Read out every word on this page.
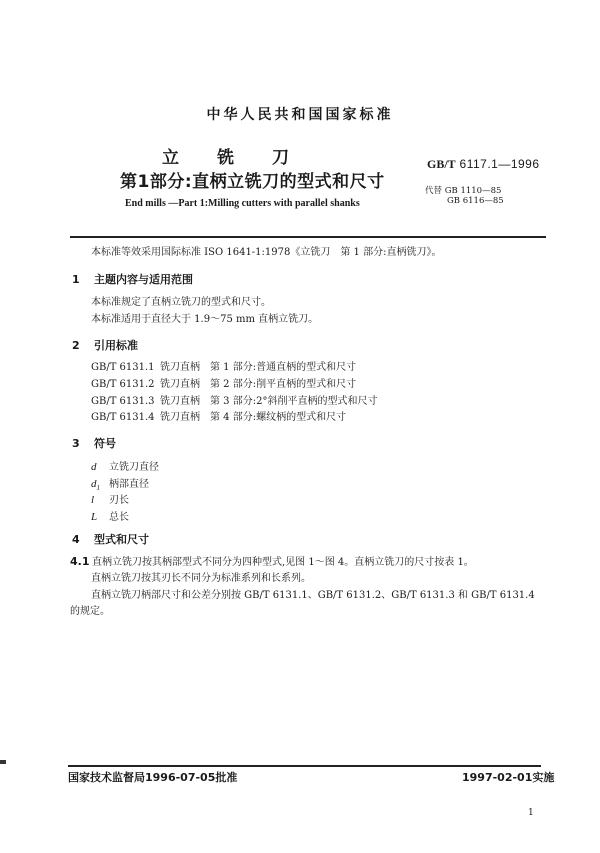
中华人民共和国国家标准
立铣刀
第1部分:直柄立铣刀的型式和尺寸
End mills —Part 1:Milling cutters with parallel shanks
GB/T 6117.1—1996
代替 GB 1110—85
GB 6116—85
本标准等效采用国际标准 ISO 1641-1:1978《立铣刀　第 1 部分:直柄铣刀》。
1 主题内容与适用范围
本标准规定了直柄立铣刀的型式和尺寸。
本标准适用于直径大于 1.9～75 mm 直柄立铣刀。
2 引用标准
GB/T 6131.1 铣刀直柄 第 1 部分:普通直柄的型式和尺寸
GB/T 6131.2 铣刀直柄 第 2 部分:削平直柄的型式和尺寸
GB/T 6131.3 铣刀直柄 第 3 部分:2°斜削平直柄的型式和尺寸
GB/T 6131.4 铣刀直柄 第 4 部分:螺纹柄的型式和尺寸
3 符号
d 立铣刀直径
$d_1$ 柄部直径
l 刃长
L 总长
4 型式和尺寸
4.1 直柄立铣刀按其柄部型式不同分为四种型式,见图 1～图 4。直柄立铣刀的尺寸按表 1。
直柄立铣刀按其刃长不同分为标准系列和长系列。
直柄立铣刀柄部尺寸和公差分别按 GB/T 6131.1、GB/T 6131.2、GB/T 6131.3 和 GB/T 6131.4
的规定。
国家技术监督局1996-07-05批准	1997-02-01实施
1
